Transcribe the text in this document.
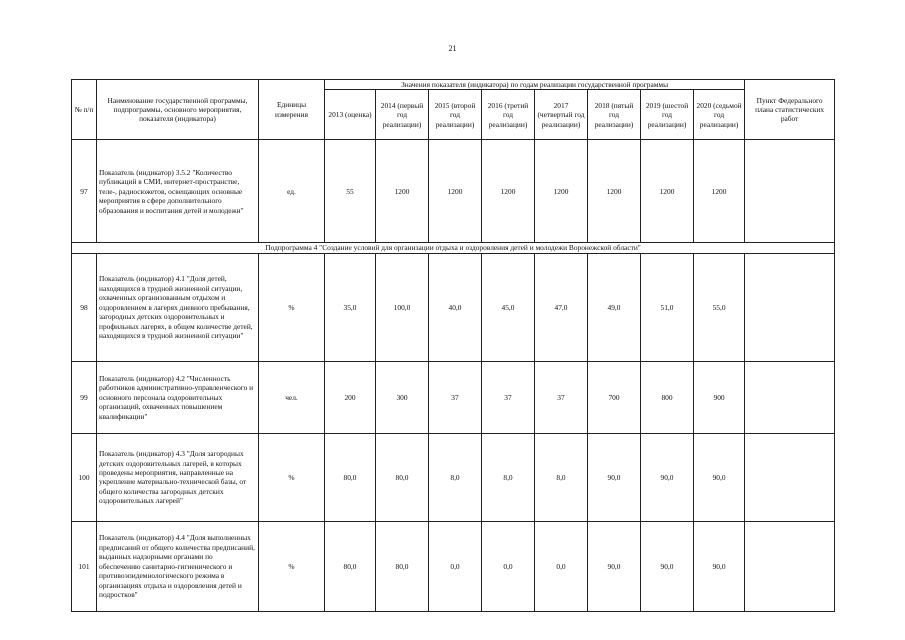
21
№ п/п	Наименование государственной программы, подпрограммы, основного мероприятия, показателя (индикатора)	Единицы измерения	Значения показателя (индикатора) по годам реализации государственной программы								Пункт Федерального плана статистических работ
			2013 (оценка)	2014 (первый год реализации)	2015 (второй год реализации)	2016 (третий год реализации)	2017 (четвертый год реализации)	2018 (пятый год реализации)	2019 (шестой год реализации)	2020 (седьмой год реализации)	
97	Показатель (индикатор) 3.5.2 "Количество публикаций в СМИ, интернет-пространстве, теле-, радиосюжетов, освещающих основные мероприятия в сфере дополнительного образования и воспитания детей и молодежи"	ед.	55	1200	1200	1200	1200	1200	1200	1200	
Подпрограмма 4 "Создание условий для организации отдыха и оздоровления детей и молодежи Воронежской области"											
98	Показатель (индикатор) 4.1 "Доля детей, находящихся в трудной жизненной ситуации, охваченных организованным отдыхом и оздоровлением в лагерях дневного пребывания, загородных детских оздоровительных и профильных лагерях, в общем количестве детей, находящихся в трудной жизненной ситуации"	%	35,0	100,0	40,0	45,0	47,0	49,0	51,0	55,0	
99	Показатель (индикатор) 4.2 "Численность работников административно-управленческого и основного персонала оздоровительных организаций, охваченных повышением квалификации"	чел.	200	300	37	37	37	700	800	900	
100	Показатель (индикатор) 4.3 "Доля загородных детских оздоровительных лагерей, в которых проведены мероприятия, направленные на укрепление материально-технической базы, от общего количества загородных детских оздоровительных лагерей"	%	80,0	80,0	8,0	8,0	8,0	90,0	90,0	90,0	
101	Показатель (индикатор) 4.4 "Доля выполненных предписаний от общего количества предписаний, выданных надзорными органами по обеспечению санитарно-гигиенического и противоэпидемиологического режима в организациях отдыха и оздоровления детей и подростков"	%	80,0	80,0	0,0	0,0	0,0	90,0	90,0	90,0	
